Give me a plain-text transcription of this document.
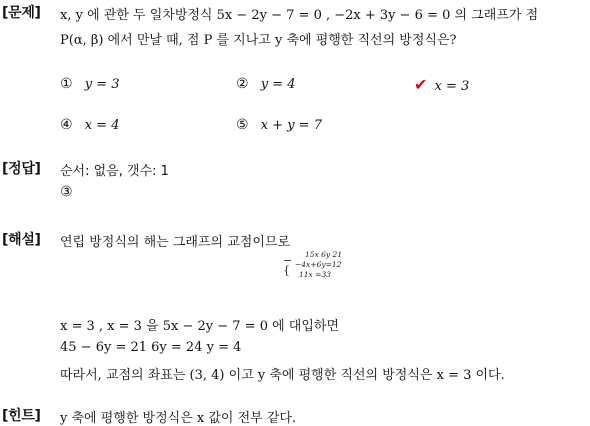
[문제] x, y 에 관한 두 일차방정식 5x − 2y − 7 = 0 , −2x + 3y − 6 = 0 의 그래프가 점
P(α, β) 에서 만날 때, 점 P 를 지나고 y 축에 평행한 직선의 방정식은?
① y = 3	② y = 4	✔ x = 3
④ x = 4	⑤ x + y = 7
[정답] 순서: 없음, 갯수: 1
③
[해설] 연립 방정식의 해는 그래프의 교점이므로
−{
15x 6y 21
−4x+6y=12
11x =33
x = 3 , x = 3 을 5x − 2y − 7 = 0 에 대입하면
45 − 6y = 21 6y = 24 y = 4
따라서, 교점의 좌표는 (3, 4) 이고 y 축에 평행한 직선의 방정식은 x = 3 이다.
[힌트] y 축에 평행한 방정식은 x 값이 전부 같다.
